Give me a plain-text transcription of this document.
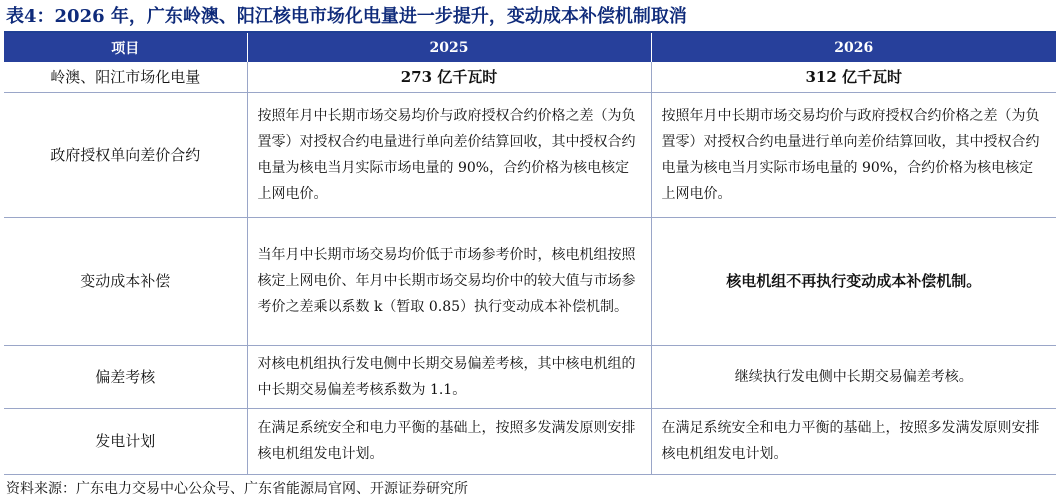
表4：2026 年，广东岭澳、阳江核电市场化电量进一步提升，变动成本补偿机制取消
项目	2025	2026
岭澳、阳江市场化电量	273 亿千瓦时	312 亿千瓦时
政府授权单向差价合约	按照年月中长期市场交易均价与政府授权合约价格之差（为负置零）对授权合约电量进行单向差价结算回收，其中授权合约电量为核电当月实际市场电量的 90%，合约价格为核电核定上网电价。	按照年月中长期市场交易均价与政府授权合约价格之差（为负置零）对授权合约电量进行单向差价结算回收，其中授权合约电量为核电当月实际市场电量的 90%，合约价格为核电核定上网电价。
变动成本补偿	当年月中长期市场交易均价低于市场参考价时，核电机组按照核定上网电价、年月中长期市场交易均价中的较大值与市场参考价之差乘以系数 k（暂取 0.85）执行变动成本补偿机制。	核电机组不再执行变动成本补偿机制。
偏差考核	对核电机组执行发电侧中长期交易偏差考核，其中核电机组的中长期交易偏差考核系数为 1.1。	继续执行发电侧中长期交易偏差考核。
发电计划	在满足系统安全和电力平衡的基础上，按照多发满发原则安排核电机组发电计划。	在满足系统安全和电力平衡的基础上，按照多发满发原则安排核电机组发电计划。
资料来源：广东电力交易中心公众号、广东省能源局官网、开源证券研究所
